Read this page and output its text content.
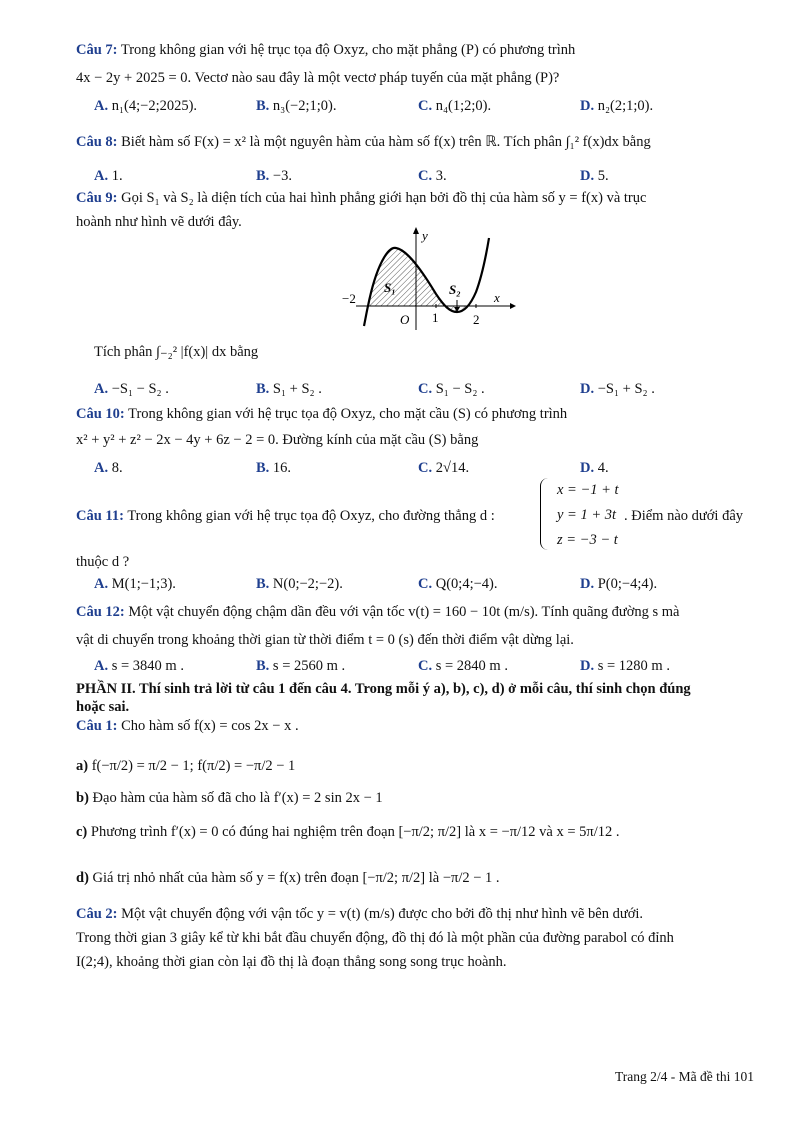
Câu 7: Trong không gian với hệ trục tọa độ Oxyz, cho mặt phẳng (P) có phương trình
4x − 2y + 2025 = 0. Vectơ nào sau đây là một vectơ pháp tuyến của mặt phẳng (P)?
A. n₁(4;−2;2025).	B. n₃(−2;1;0).	C. n₄(1;2;0).	D. n₂(2;1;0).
Câu 8: Biết hàm số F(x) = x² là một nguyên hàm của hàm số f(x) trên ℝ. Tích phân ∫₁² f(x)dx bằng
A. 1.	B. −3.	C. 3.	D. 5.
Câu 9: Gọi S₁ và S₂ là diện tích của hai hình phẳng giới hạn bởi đồ thị của hàm số y = f(x) và trục
hoành như hình vẽ dưới đây.
y
x
O
−2
1	2
S₁	S₂
Tích phân ∫₋₂² |f(x)| dx bằng
A. −S₁ − S₂ .	B. S₁ + S₂ .	C. S₁ − S₂ .	D. −S₁ + S₂ .
Câu 10: Trong không gian với hệ trục tọa độ Oxyz, cho mặt cầu (S) có phương trình
x² + y² + z² − 2x − 4y + 6z − 2 = 0. Đường kính của mặt cầu (S) bằng
A. 8.	B. 16.	C. 2√14.	D. 4.
Câu 11: Trong không gian với hệ trục tọa độ Oxyz, cho đường thẳng d :
x = −1 + t
y = 1 + 3t
z = −3 − t
. Điểm nào dưới đây
thuộc d ?
A. M(1;−1;3).	B. N(0;−2;−2).	C. Q(0;4;−4).	D. P(0;−4;4).
Câu 12: Một vật chuyển động chậm dần đều với vận tốc v(t) = 160 − 10t (m/s). Tính quãng đường s mà
vật di chuyển trong khoảng thời gian từ thời điểm t = 0 (s) đến thời điểm vật dừng lại.
A. s = 3840 m .	B. s = 2560 m .	C. s = 2840 m .	D. s = 1280 m .
PHẦN II. Thí sinh trả lời từ câu 1 đến câu 4. Trong mỗi ý a), b), c), d) ở mỗi câu, thí sinh chọn đúng
hoặc sai.
Câu 1: Cho hàm số f(x) = cos 2x − x .
a) f(−π/2) = π/2 − 1; f(π/2) = −π/2 − 1
b) Đạo hàm của hàm số đã cho là f′(x) = 2 sin 2x − 1
c) Phương trình f′(x) = 0 có đúng hai nghiệm trên đoạn [−π/2; π/2] là x = −π/12 và x = 5π/12 .
d) Giá trị nhỏ nhất của hàm số y = f(x) trên đoạn [−π/2; π/2] là −π/2 − 1 .
Câu 2: Một vật chuyển động với vận tốc y = v(t) (m/s) được cho bởi đồ thị như hình vẽ bên dưới.
Trong thời gian 3 giây kể từ khi bắt đầu chuyển động, đồ thị đó là một phần của đường parabol có đỉnh
I(2;4), khoảng thời gian còn lại đồ thị là đoạn thẳng song song trục hoành.
Trang 2/4 - Mã đề thi 101
